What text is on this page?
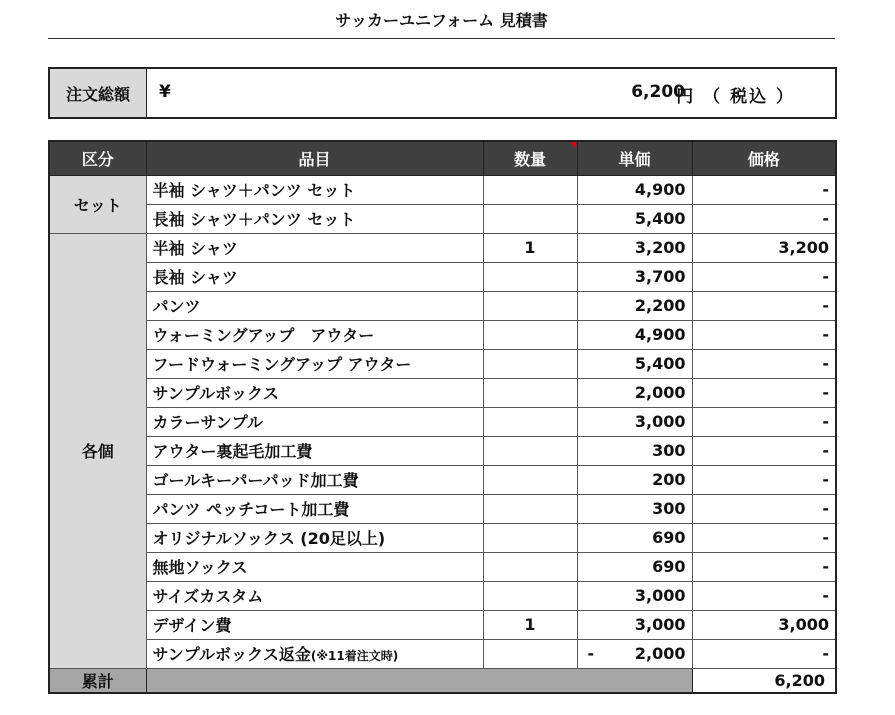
サッカーユニフォーム 見積書
注文総額	¥	6,200
円 （ 税込 ）
区分	品目	数量	単価	価格
セット	半袖 シャツ＋パンツ セット		4,900	-
	長袖 シャツ＋パンツ セット		5,400	-
各個	半袖 シャツ	1	3,200	3,200
	長袖 シャツ		3,700	-
	パンツ		2,200	-
	ウォーミングアップ　アウター		4,900	-
	フードウォーミングアップ アウター		5,400	-
	サンプルボックス		2,000	-
	カラーサンプル		3,000	-
	アウター裏起毛加工費		300	-
	ゴールキーパーパッド加工費		200	-
	パンツ ペッチコート加工費		300	-
	オリジナルソックス (20足以上)		690	-
	無地ソックス		690	-
	サイズカスタム		3,000	-
	デザイン費	1	3,000	3,000
	サンプルボックス返金(※11着注文時)		- 2,000	-
累計				6,200
